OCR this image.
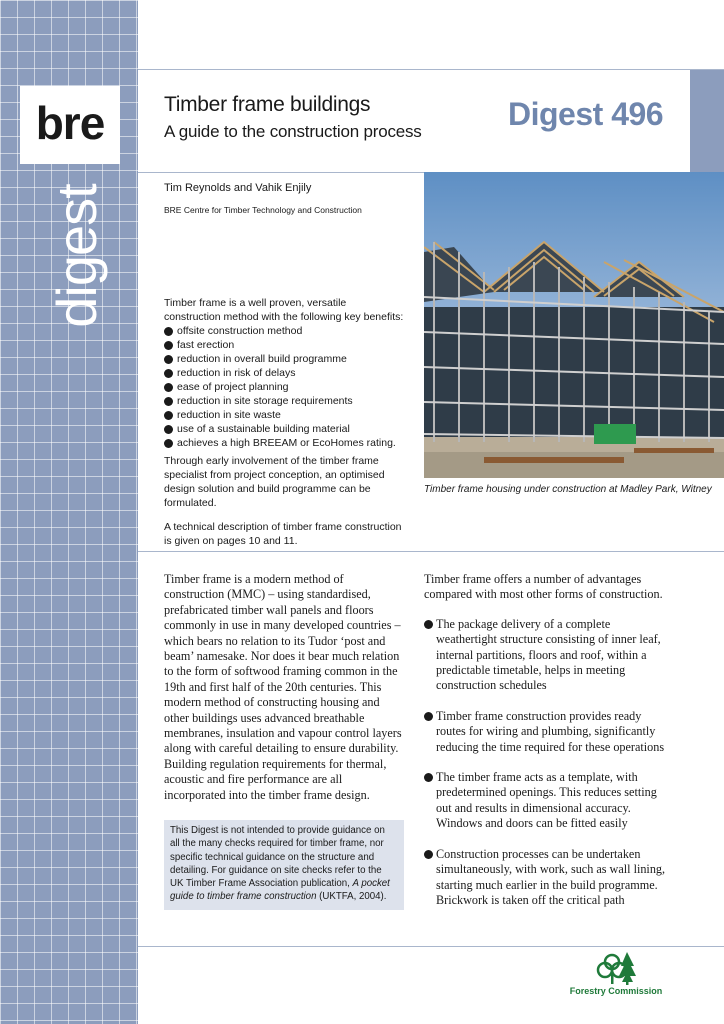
bre
digest
Timber frame buildings
A guide to the construction process	Digest 496
Tim Reynolds and Vahik Enjily
BRE Centre for Timber Technology and Construction

Timber frame is a well proven, versatile construction method with the following key benefits:

offsite construction method
fast erection
reduction in overall build programme
reduction in risk of delays
ease of project planning
reduction in site storage requirements
reduction in site waste
use of a sustainable building material
achieves a high BREEAM or EcoHomes rating.

Through early involvement of the timber frame specialist from project conception, an optimised design solution and build programme can be formulated.

A technical description of timber frame construction is given on pages 10 and 11.

Timber frame housing under construction at Madley Park, Witney

Timber frame is a modern method of construction (MMC) – using standardised, prefabricated timber wall panels and floors commonly in use in many developed countries – which bears no relation to its Tudor ‘post and beam’ namesake. Nor does it bear much relation to the form of softwood framing common in the 19th and first half of the 20th centuries. This modern method of constructing housing and other buildings uses advanced breathable membranes, insulation and vapour control layers along with careful detailing to ensure durability. Building regulation requirements for thermal, acoustic and fire performance are all incorporated into the timber frame design.

This Digest is not intended to provide guidance on all the many checks required for timber frame, nor specific technical guidance on the structure and detailing. For guidance on site checks refer to the UK Timber Frame Association publication, A pocket guide to timber frame construction (UKTFA, 2004).

Timber frame offers a number of advantages compared with most other forms of construction.

The package delivery of a complete weathertight structure consisting of inner leaf, internal partitions, floors and roof, within a predictable timetable, helps in meeting construction schedules
Timber frame construction provides ready routes for wiring and plumbing, significantly reducing the time required for these operations
The timber frame acts as a template, with predetermined openings. This reduces setting out and results in dimensional accuracy. Windows and doors can be fitted easily
Construction processes can be undertaken simultaneously, with work, such as wall lining, starting much earlier in the build programme. Brickwork is taken off the critical path
Forestry Commission
